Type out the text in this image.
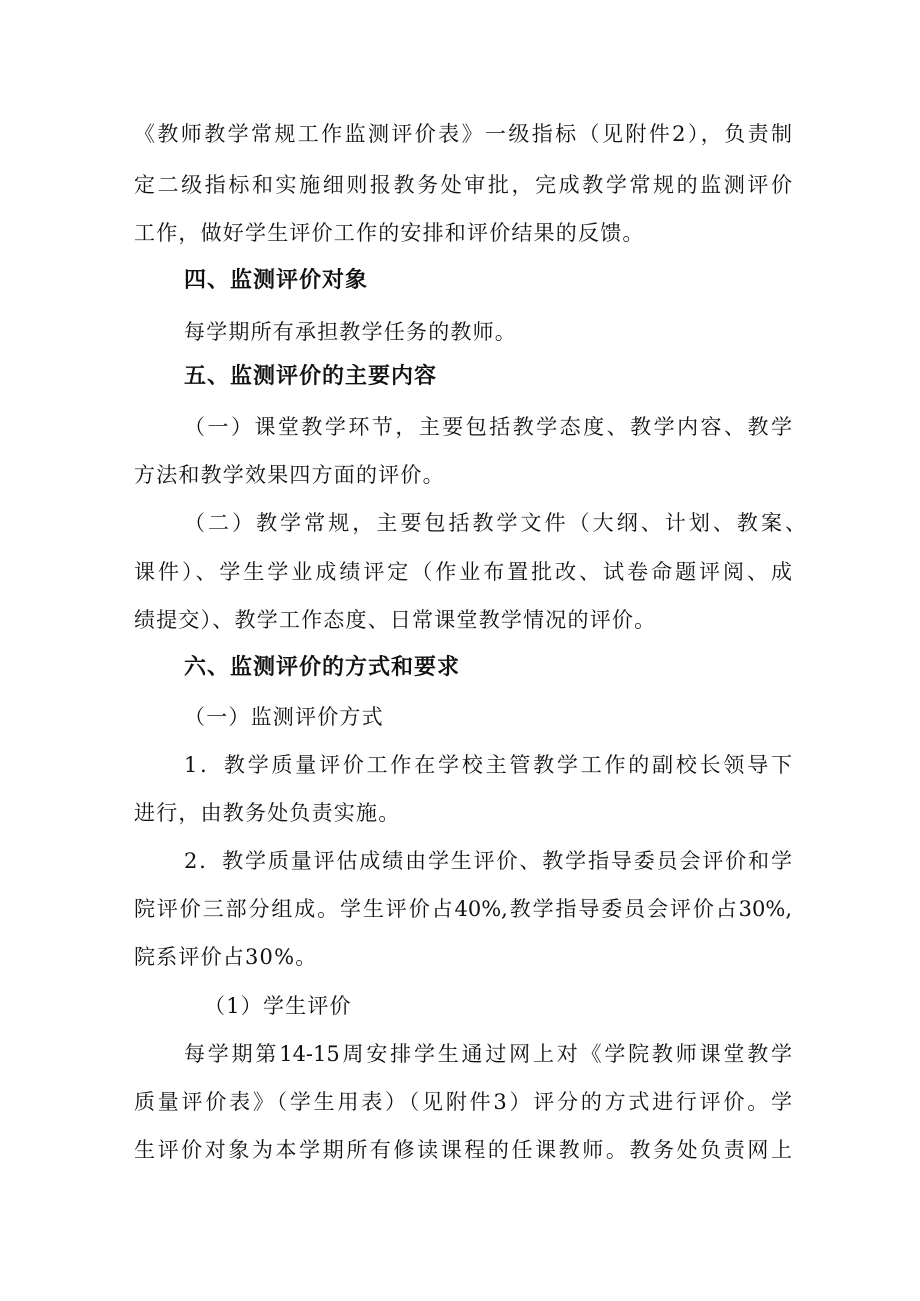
《教师教学常规工作监测评价表》一级指标（见附件2），负责制
定二级指标和实施细则报教务处审批，完成教学常规的监测评价
工作，做好学生评价工作的安排和评价结果的反馈。
四、监测评价对象
每学期所有承担教学任务的教师。
五、监测评价的主要内容
（一）课堂教学环节，主要包括教学态度、教学内容、教学
方法和教学效果四方面的评价。
（二）教学常规，主要包括教学文件（大纲、计划、教案、
课件）、学生学业成绩评定（作业布置批改、试卷命题评阅、成
绩提交）、教学工作态度、日常课堂教学情况的评价。
六、监测评价的方式和要求
（一）监测评价方式
1．教学质量评价工作在学校主管教学工作的副校长领导下
进行，由教务处负责实施。
2．教学质量评估成绩由学生评价、教学指导委员会评价和学
院评价三部分组成。学生评价占40%,教学指导委员会评价占30%,
院系评价占30%。
（1）学生评价
每学期第14-15周安排学生通过网上对《学院教师课堂教学
质量评价表》（学生用表）（见附件3）评分的方式进行评价。学
生评价对象为本学期所有修读课程的任课教师。教务处负责网上
